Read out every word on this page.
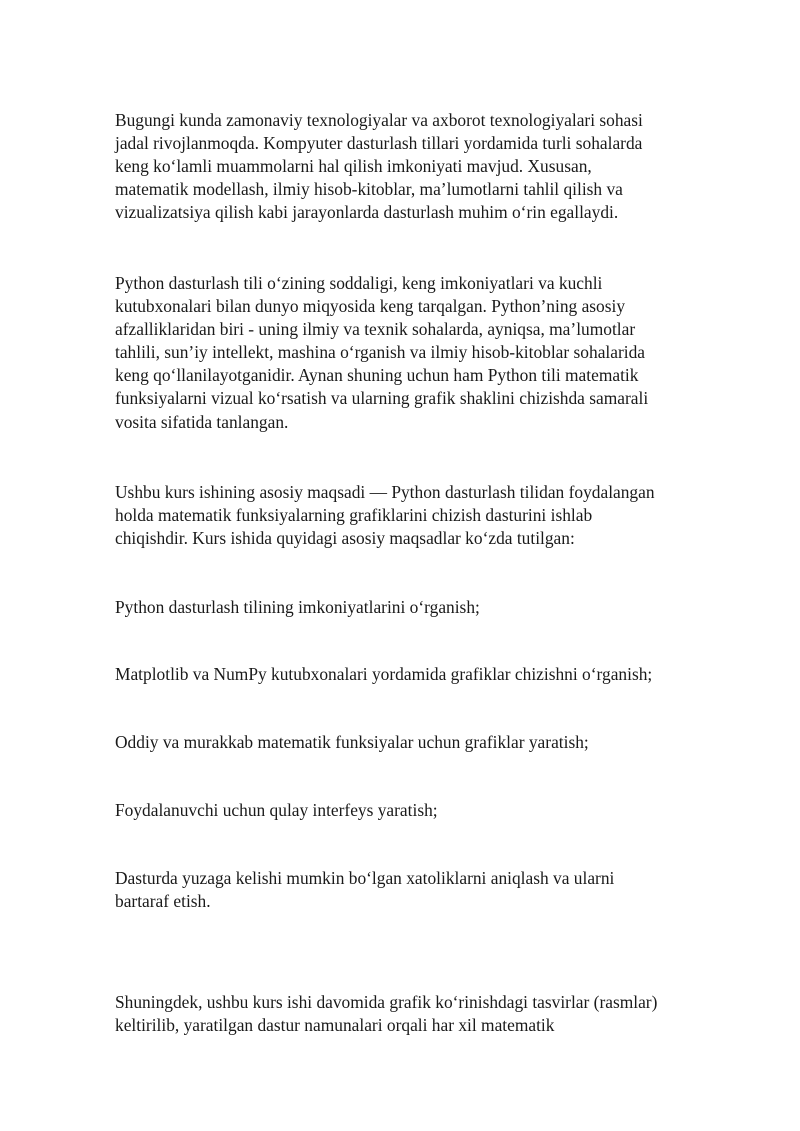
Bugungi kunda zamonaviy texnologiyalar va axborot texnologiyalari sohasi
jadal rivojlanmoqda. Kompyuter dasturlash tillari yordamida turli sohalarda
keng ko‘lamli muammolarni hal qilish imkoniyati mavjud. Xususan,
matematik modellash, ilmiy hisob-kitoblar, ma’lumotlarni tahlil qilish va
vizualizatsiya qilish kabi jarayonlarda dasturlash muhim o‘rin egallaydi.

Python dasturlash tili o‘zining soddaligi, keng imkoniyatlari va kuchli
kutubxonalari bilan dunyo miqyosida keng tarqalgan. Python’ning asosiy
afzalliklaridan biri - uning ilmiy va texnik sohalarda, ayniqsa, ma’lumotlar
tahlili, sun’iy intellekt, mashina o‘rganish va ilmiy hisob-kitoblar sohalarida
keng qo‘llanilayotganidir. Aynan shuning uchun ham Python tili matematik
funksiyalarni vizual ko‘rsatish va ularning grafik shaklini chizishda samarali
vosita sifatida tanlangan.

Ushbu kurs ishining asosiy maqsadi — Python dasturlash tilidan foydalangan
holda matematik funksiyalarning grafiklarini chizish dasturini ishlab
chiqishdir. Kurs ishida quyidagi asosiy maqsadlar ko‘zda tutilgan:

Python dasturlash tilining imkoniyatlarini o‘rganish;

Matplotlib va NumPy kutubxonalari yordamida grafiklar chizishni o‘rganish;

Oddiy va murakkab matematik funksiyalar uchun grafiklar yaratish;

Foydalanuvchi uchun qulay interfeys yaratish;

Dasturda yuzaga kelishi mumkin bo‘lgan xatoliklarni aniqlash va ularni
bartaraf etish.

Shuningdek, ushbu kurs ishi davomida grafik ko‘rinishdagi tasvirlar (rasmlar)
keltirilib, yaratilgan dastur namunalari orqali har xil matematik
